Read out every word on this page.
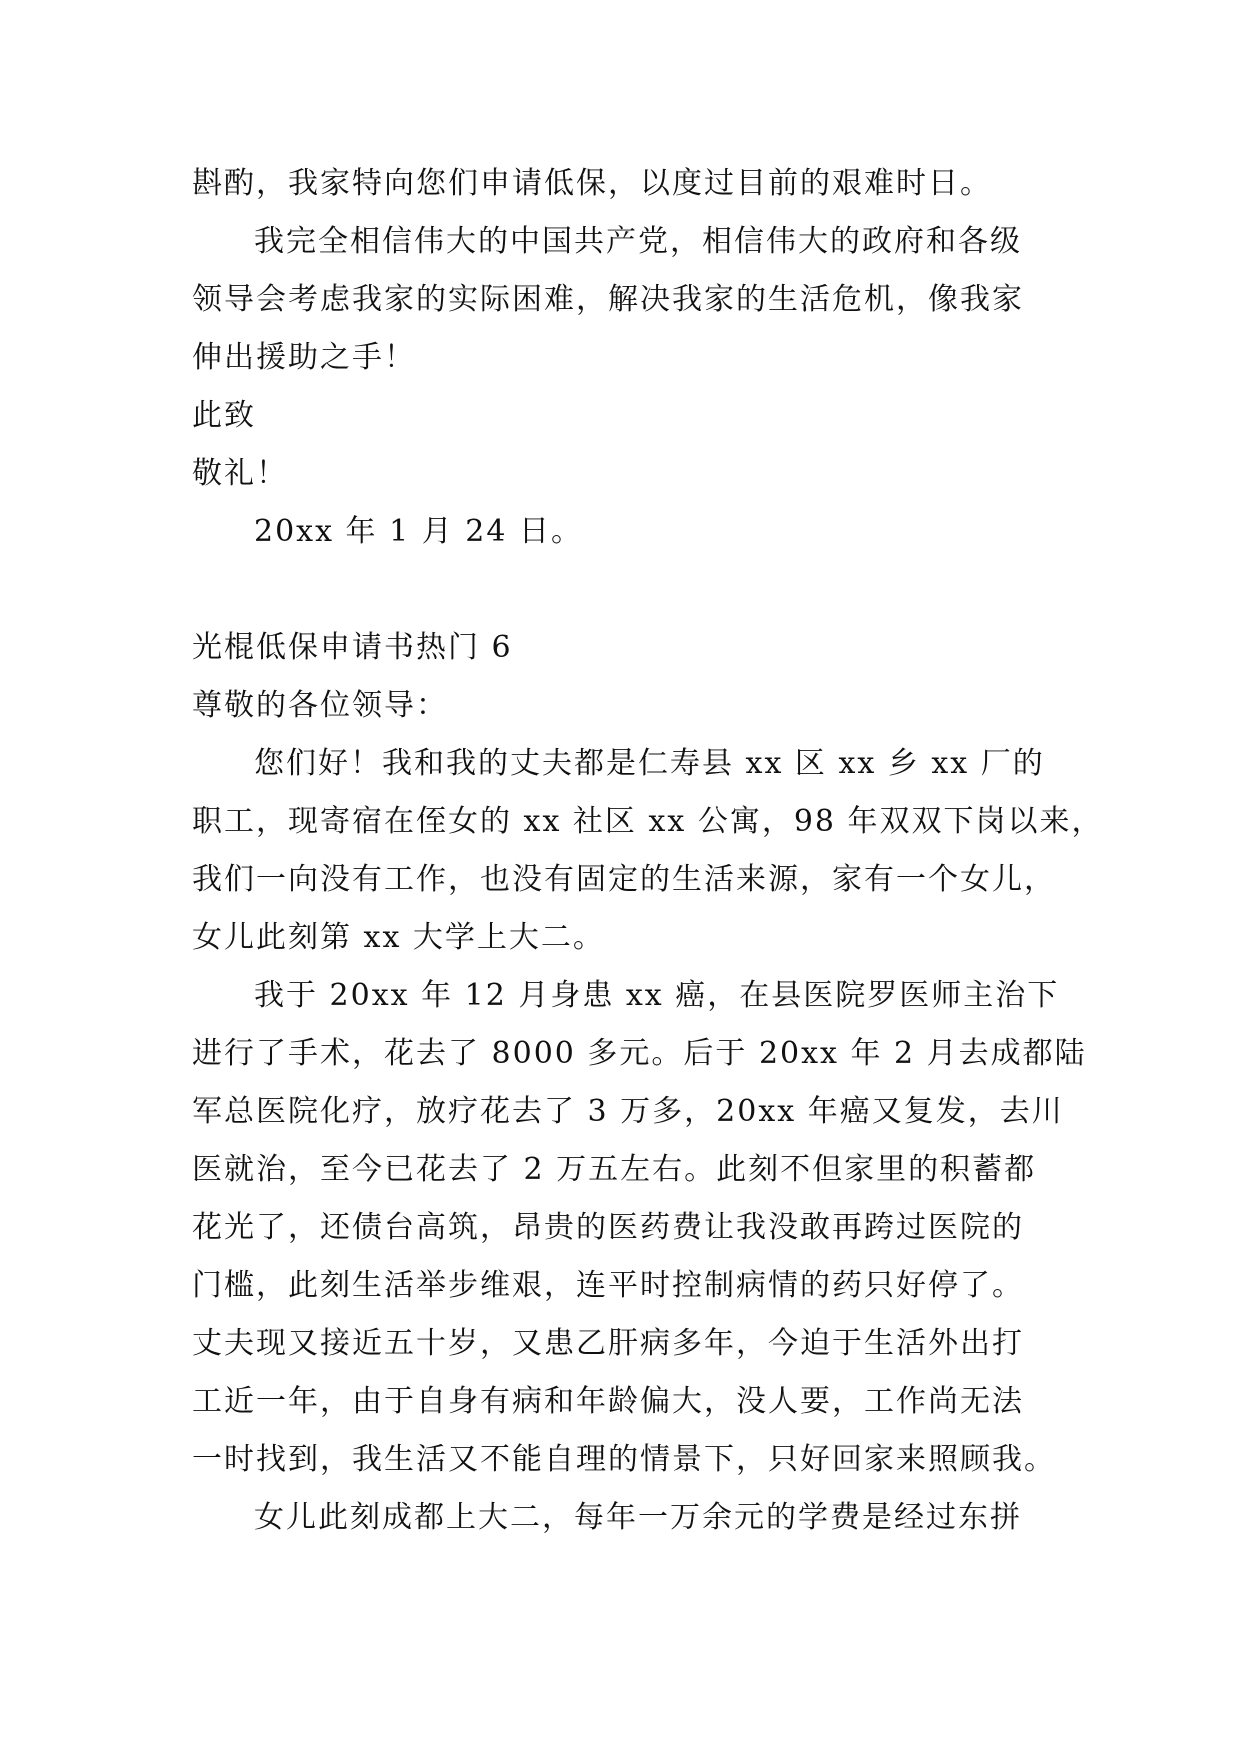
斟酌，我家特向您们申请低保，以度过目前的艰难时日。
我完全相信伟大的中国共产党，相信伟大的政府和各级
领导会考虑我家的实际困难，解决我家的生活危机，像我家
伸出援助之手！
此致
敬礼！
20xx 年 1 月 24 日。
光棍低保申请书热门 6
尊敬的各位领导：
您们好！我和我的丈夫都是仁寿县 xx 区 xx 乡 xx 厂的
职工，现寄宿在侄女的 xx 社区 xx 公寓，98 年双双下岗以来，
我们一向没有工作，也没有固定的生活来源，家有一个女儿，
女儿此刻第 xx 大学上大二。
我于 20xx 年 12 月身患 xx 癌，在县医院罗医师主治下
进行了手术，花去了 8000 多元。后于 20xx 年 2 月去成都陆
军总医院化疗，放疗花去了 3 万多，20xx 年癌又复发，去川
医就治，至今已花去了 2 万五左右。此刻不但家里的积蓄都
花光了，还债台高筑，昂贵的医药费让我没敢再跨过医院的
门槛，此刻生活举步维艰，连平时控制病情的药只好停了。
丈夫现又接近五十岁，又患乙肝病多年，今迫于生活外出打
工近一年，由于自身有病和年龄偏大，没人要，工作尚无法
一时找到，我生活又不能自理的情景下，只好回家来照顾我。
女儿此刻成都上大二，每年一万余元的学费是经过东拼
